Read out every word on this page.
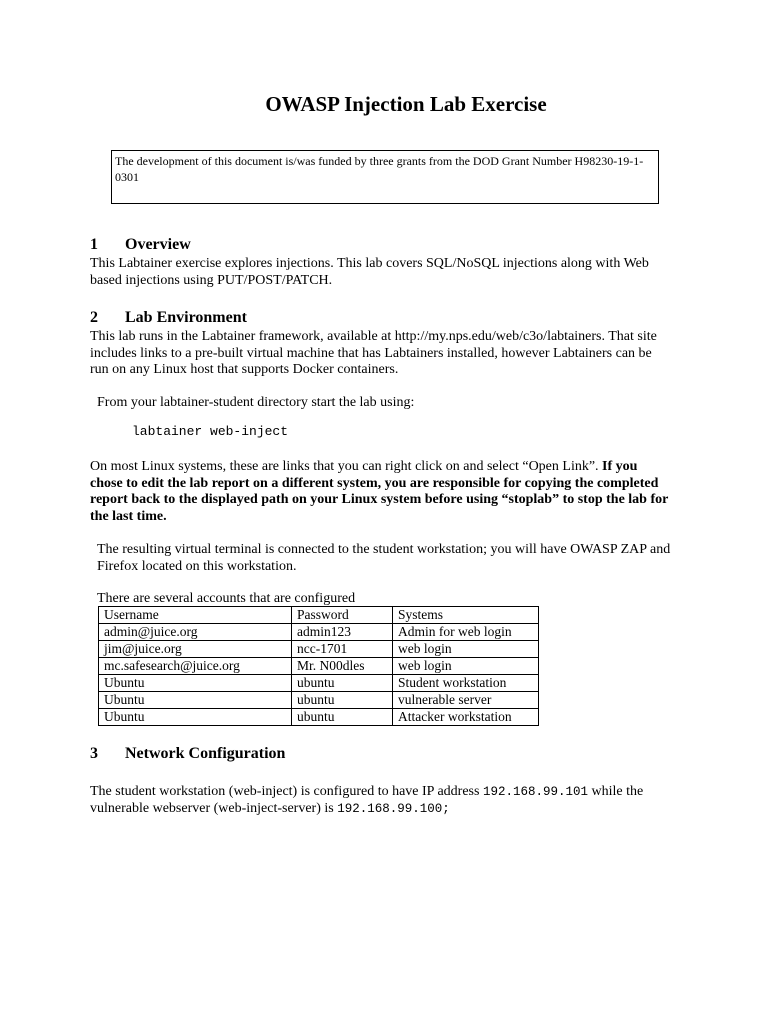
OWASP Injection Lab Exercise
The development of this document is/was funded by three grants from the DOD Grant Number H98230-19-1-0301
1 Overview

This Labtainer exercise explores injections. This lab covers SQL/NoSQL injections along with Web based injections using PUT/POST/PATCH.

2 Lab Environment

This lab runs in the Labtainer framework, available at http://my.nps.edu/web/c3o/labtainers. That site includes links to a pre-built virtual machine that has Labtainers installed, however Labtainers can be run on any Linux host that supports Docker containers.

From your labtainer-student directory start the lab using:

labtainer web-inject

On most Linux systems, these are links that you can right click on and select “Open Link”. If you chose to edit the lab report on a different system, you are responsible for copying the completed report back to the displayed path on your Linux system before using “stoplab” to stop the lab for the last time.

The resulting virtual terminal is connected to the student workstation; you will have OWASP ZAP and Firefox located on this workstation.

There are several accounts that are configured

Username	Password	Systems
admin@juice.org	admin123	Admin for web login
jim@juice.org	ncc-1701	web login
mc.safesearch@juice.org	Mr. N00dles	web login
Ubuntu	ubuntu	Student workstation
Ubuntu	ubuntu	vulnerable server
Ubuntu	ubuntu	Attacker workstation
3 Network Configuration

The student workstation (web-inject) is configured to have IP address 192.168.99.101 while the vulnerable webserver (web-inject-server) is 192.168.99.100;
